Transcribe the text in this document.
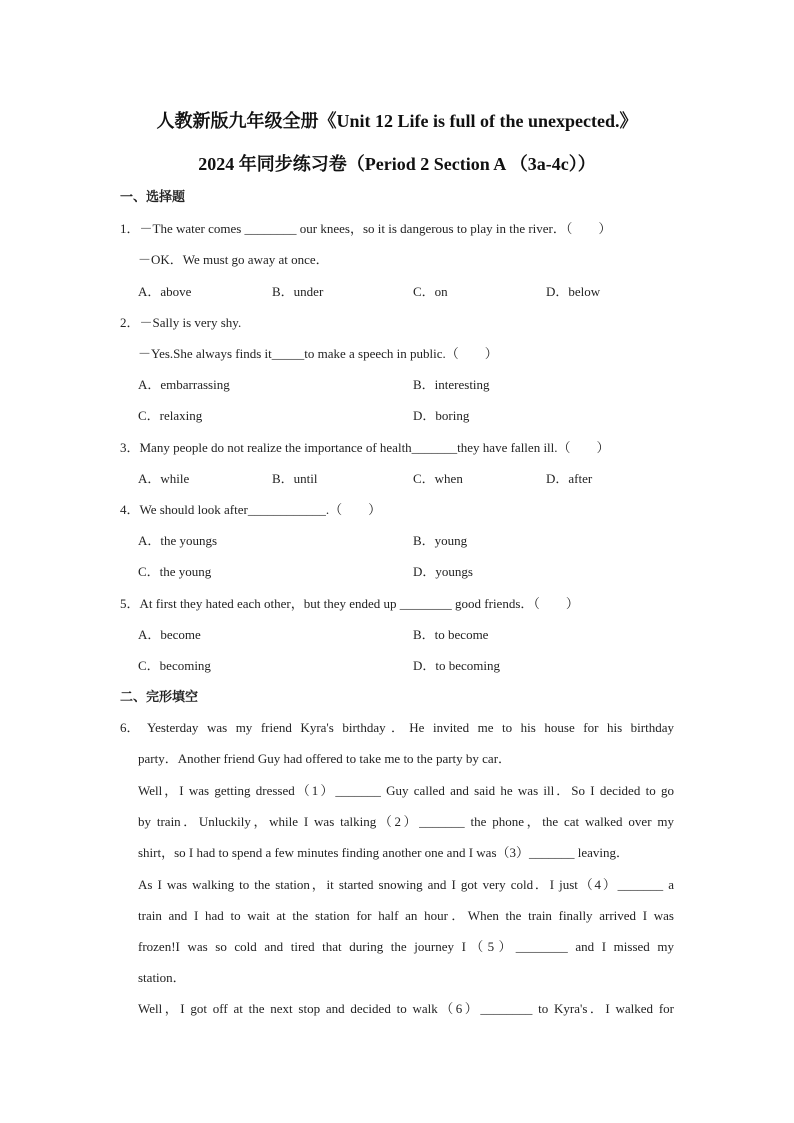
人教新版九年级全册《Unit 12 Life is full of the unexpected.》
2024 年同步练习卷（Period 2 Section A （3a-4c））
一、选择题
1．－The water comes ________ our knees，so it is dangerous to play in the river．（　　）
－OK．We must go away at once．
A．above	B．under	C．on	D．below
2．－Sally is very shy.
－Yes.She always finds it_____to make a speech in public.（　　）
A．embarrassing	B．interesting
C．relaxing	D．boring
3．Many people do not realize the importance of health_______they have fallen ill.（　　）
A．while	B．until	C．when	D．after
4．We should look after____________.（　　）
A．the youngs	B．young
C．the young	D．youngs
5．At first they hated each other，but they ended up ________ good friends．（　　）
A．become	B．to become
C．becoming	D．to becoming
二、完形填空
6． Yesterday was my friend Kyra's birthday．He invited me to his house for his birthday
party．Another friend Guy had offered to take me to the party by car．
Well，I was getting dressed（1）_______ Guy called and said he was ill．So I decided to go
by train．Unluckily，while I was talking（2）_______ the phone，the cat walked over my
shirt，so I had to spend a few minutes finding another one and I was（3）_______ leaving．
As I was walking to the station，it started snowing and I got very cold．I just（4）_______ a
train and I had to wait at the station for half an hour．When the train finally arrived I was
frozen!I was so cold and tired that during the journey I（5）________ and I missed my
station．
Well，I got off at the next stop and decided to walk（6）________ to Kyra's．I walked for
